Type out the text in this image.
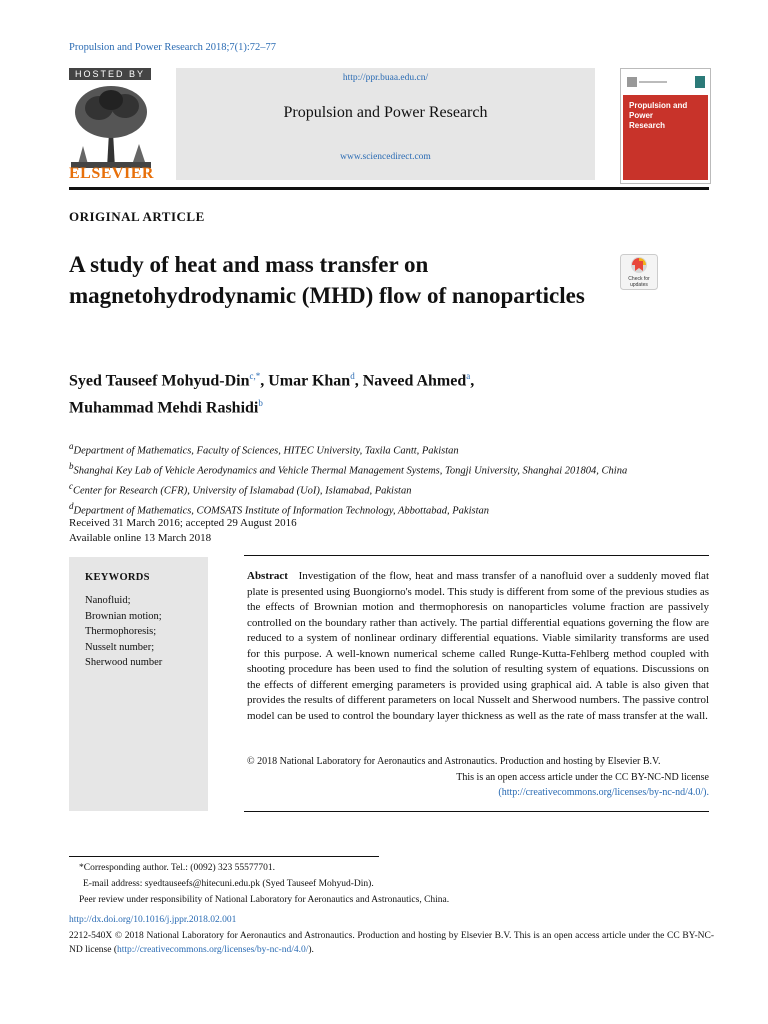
Propulsion and Power Research 2018;7(1):72–77
HOSTED BY
ELSEVIER
http://ppr.buaa.edu.cn/
Propulsion and Power Research
www.sciencedirect.com
Propulsion and
Power
Research
ORIGINAL ARTICLE
A study of heat and mass transfer on magnetohydrodynamic (MHD) flow of nanoparticles
Check for
updates
Syed Tauseef Mohyud-Din$^{c,*}$, Umar Khan$^d$, Naveed Ahmed$^a$,
Muhammad Mehdi Rashidi$^b$
$^a$Department of Mathematics, Faculty of Sciences, HITEC University, Taxila Cantt, Pakistan
$^b$Shanghai Key Lab of Vehicle Aerodynamics and Vehicle Thermal Management Systems, Tongji University, Shanghai 201804, China
$^c$Center for Research (CFR), University of Islamabad (UoI), Islamabad, Pakistan
$^d$Department of Mathematics, COMSATS Institute of Information Technology, Abbottabad, Pakistan
Received 31 March 2016; accepted 29 August 2016
Available online 13 March 2018
KEYWORDS
Nanofluid;
Brownian motion;
Thermophoresis;
Nusselt number;
Sherwood number
Abstract Investigation of the flow, heat and mass transfer of a nanofluid over a suddenly moved flat plate is presented using Buongiorno's model. This study is different from some of the previous studies as the effects of Brownian motion and thermophoresis on nanoparticles volume fraction are passively controlled on the boundary rather than actively. The partial differential equations governing the flow are reduced to a system of nonlinear ordinary differential equations. Viable similarity transforms are used for this purpose. A well-known numerical scheme called Runge-Kutta-Fehlberg method coupled with shooting procedure has been used to find the solution of resulting system of equations. Discussions on the effects of different emerging parameters is provided using graphical aid. A table is also given that provides the results of different parameters on local Nusselt and Sherwood numbers. The passive control model can be used to control the boundary layer thickness as well as the rate of mass transfer at the wall.
© 2018 National Laboratory for Aeronautics and Astronautics. Production and hosting by Elsevier B.V.
This is an open access article under the CC BY-NC-ND license
(http://creativecommons.org/licenses/by-nc-nd/4.0/).
*Corresponding author. Tel.: (0092) 323 55577701.
E-mail address: syedtauseefs@hitecuni.edu.pk (Syed Tauseef Mohyud-Din).
Peer review under responsibility of National Laboratory for Aeronautics and Astronautics, China.
http://dx.doi.org/10.1016/j.jppr.2018.02.001
2212-540X © 2018 National Laboratory for Aeronautics and Astronautics. Production and hosting by Elsevier B.V. This is an open access article under the CC BY-NC-ND license (http://creativecommons.org/licenses/by-nc-nd/4.0/).
